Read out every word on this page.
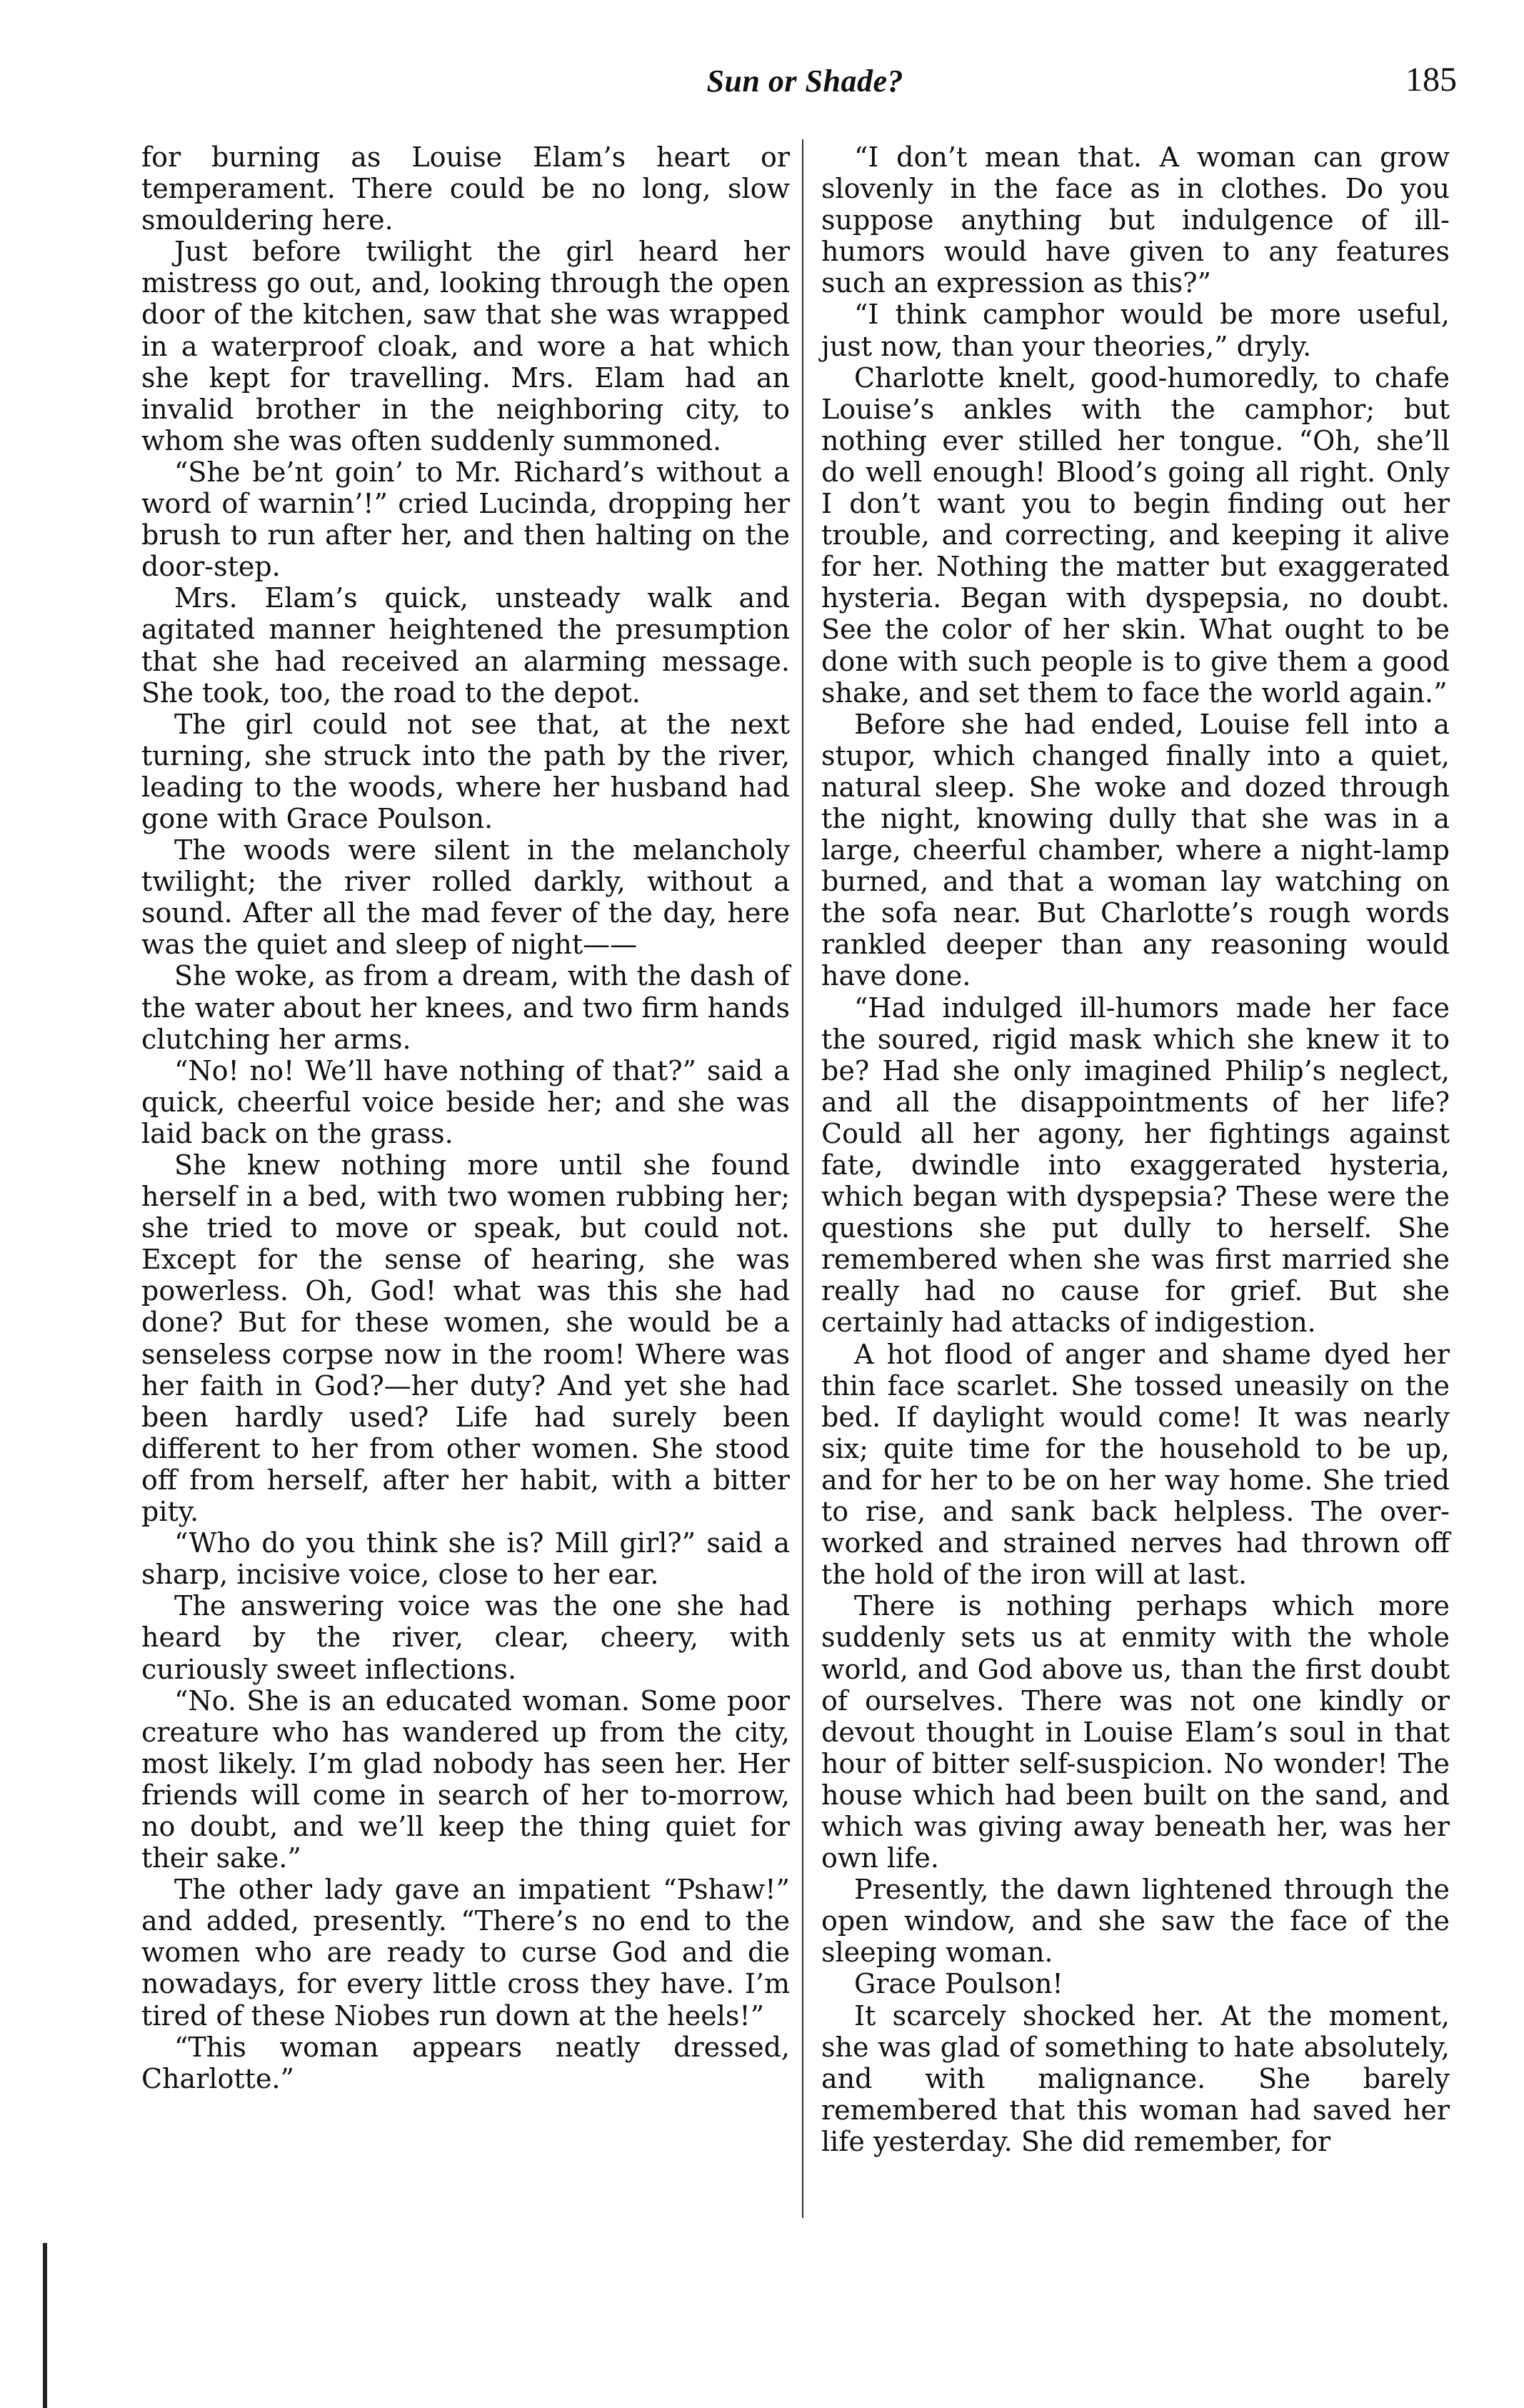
Sun or Shade?	185

for burning as Louise Elam’s heart or temperament. There could be no long, slow smouldering here.

Just before twilight the girl heard her mistress go out, and, looking through the open door of the kitchen, saw that she was wrapped in a waterproof cloak, and wore a hat which she kept for travelling. Mrs. Elam had an invalid brother in the neighboring city, to whom she was often suddenly summoned.

“She be’nt goin’ to Mr. Richard’s without a word of warnin’!” cried Lucinda, dropping her brush to run after her, and then halting on the door-step.

Mrs. Elam’s quick, unsteady walk and agitated manner heightened the presumption that she had received an alarming message. She took, too, the road to the depot.

The girl could not see that, at the next turning, she struck into the path by the river, leading to the woods, where her husband had gone with Grace Poulson.

The woods were silent in the melancholy twilight; the river rolled darkly, without a sound. After all the mad fever of the day, here was the quiet and sleep of night——

She woke, as from a dream, with the dash of the water about her knees, and two firm hands clutching her arms.

“No! no! We’ll have nothing of that?” said a quick, cheerful voice beside her; and she was laid back on the grass.

She knew nothing more until she found herself in a bed, with two women rubbing her; she tried to move or speak, but could not. Except for the sense of hearing, she was powerless. Oh, God! what was this she had done? But for these women, she would be a senseless corpse now in the room! Where was her faith in God?—her duty? And yet she had been hardly used? Life had surely been different to her from other women. She stood off from herself, after her habit, with a bitter pity.

“Who do you think she is? Mill girl?” said a sharp, incisive voice, close to her ear.

The answering voice was the one she had heard by the river, clear, cheery, with curiously sweet inflections.

“No. She is an educated woman. Some poor creature who has wandered up from the city, most likely. I’m glad nobody has seen her. Her friends will come in search of her to-morrow, no doubt, and we’ll keep the thing quiet for their sake.”

The other lady gave an impatient “Pshaw!” and added, presently. “There’s no end to the women who are ready to curse God and die nowadays, for every little cross they have. I’m tired of these Niobes run down at the heels!”

“This woman appears neatly dressed, Charlotte.”

“I don’t mean that. A woman can grow slovenly in the face as in clothes. Do you suppose anything but indulgence of ill-humors would have given to any features such an expression as this?”

“I think camphor would be more useful, just now, than your theories,” dryly.

Charlotte knelt, good-humoredly, to chafe Louise’s ankles with the camphor; but nothing ever stilled her tongue. “Oh, she’ll do well enough! Blood’s going all right. Only I don’t want you to begin finding out her trouble, and correcting, and keeping it alive for her. Nothing the matter but exaggerated hysteria. Began with dyspepsia, no doubt. See the color of her skin. What ought to be done with such people is to give them a good shake, and set them to face the world again.”

Before she had ended, Louise fell into a stupor, which changed finally into a quiet, natural sleep. She woke and dozed through the night, knowing dully that she was in a large, cheerful chamber, where a night-lamp burned, and that a woman lay watching on the sofa near. But Charlotte’s rough words rankled deeper than any reasoning would have done.

“Had indulged ill-humors made her face the soured, rigid mask which she knew it to be? Had she only imagined Philip’s neglect, and all the disappointments of her life? Could all her agony, her fightings against fate, dwindle into exaggerated hysteria, which began with dyspepsia? These were the questions she put dully to herself. She remembered when she was first married she really had no cause for grief. But she certainly had attacks of indigestion.

A hot flood of anger and shame dyed her thin face scarlet. She tossed uneasily on the bed. If daylight would come! It was nearly six; quite time for the household to be up, and for her to be on her way home. She tried to rise, and sank back helpless. The over-worked and strained nerves had thrown off the hold of the iron will at last.

There is nothing perhaps which more suddenly sets us at enmity with the whole world, and God above us, than the first doubt of ourselves. There was not one kindly or devout thought in Louise Elam’s soul in that hour of bitter self-suspicion. No wonder! The house which had been built on the sand, and which was giving away beneath her, was her own life.

Presently, the dawn lightened through the open window, and she saw the face of the sleeping woman.

Grace Poulson!

It scarcely shocked her. At the moment, she was glad of something to hate absolutely, and with malignance. She barely remembered that this woman had saved her life yesterday. She did remember, for
